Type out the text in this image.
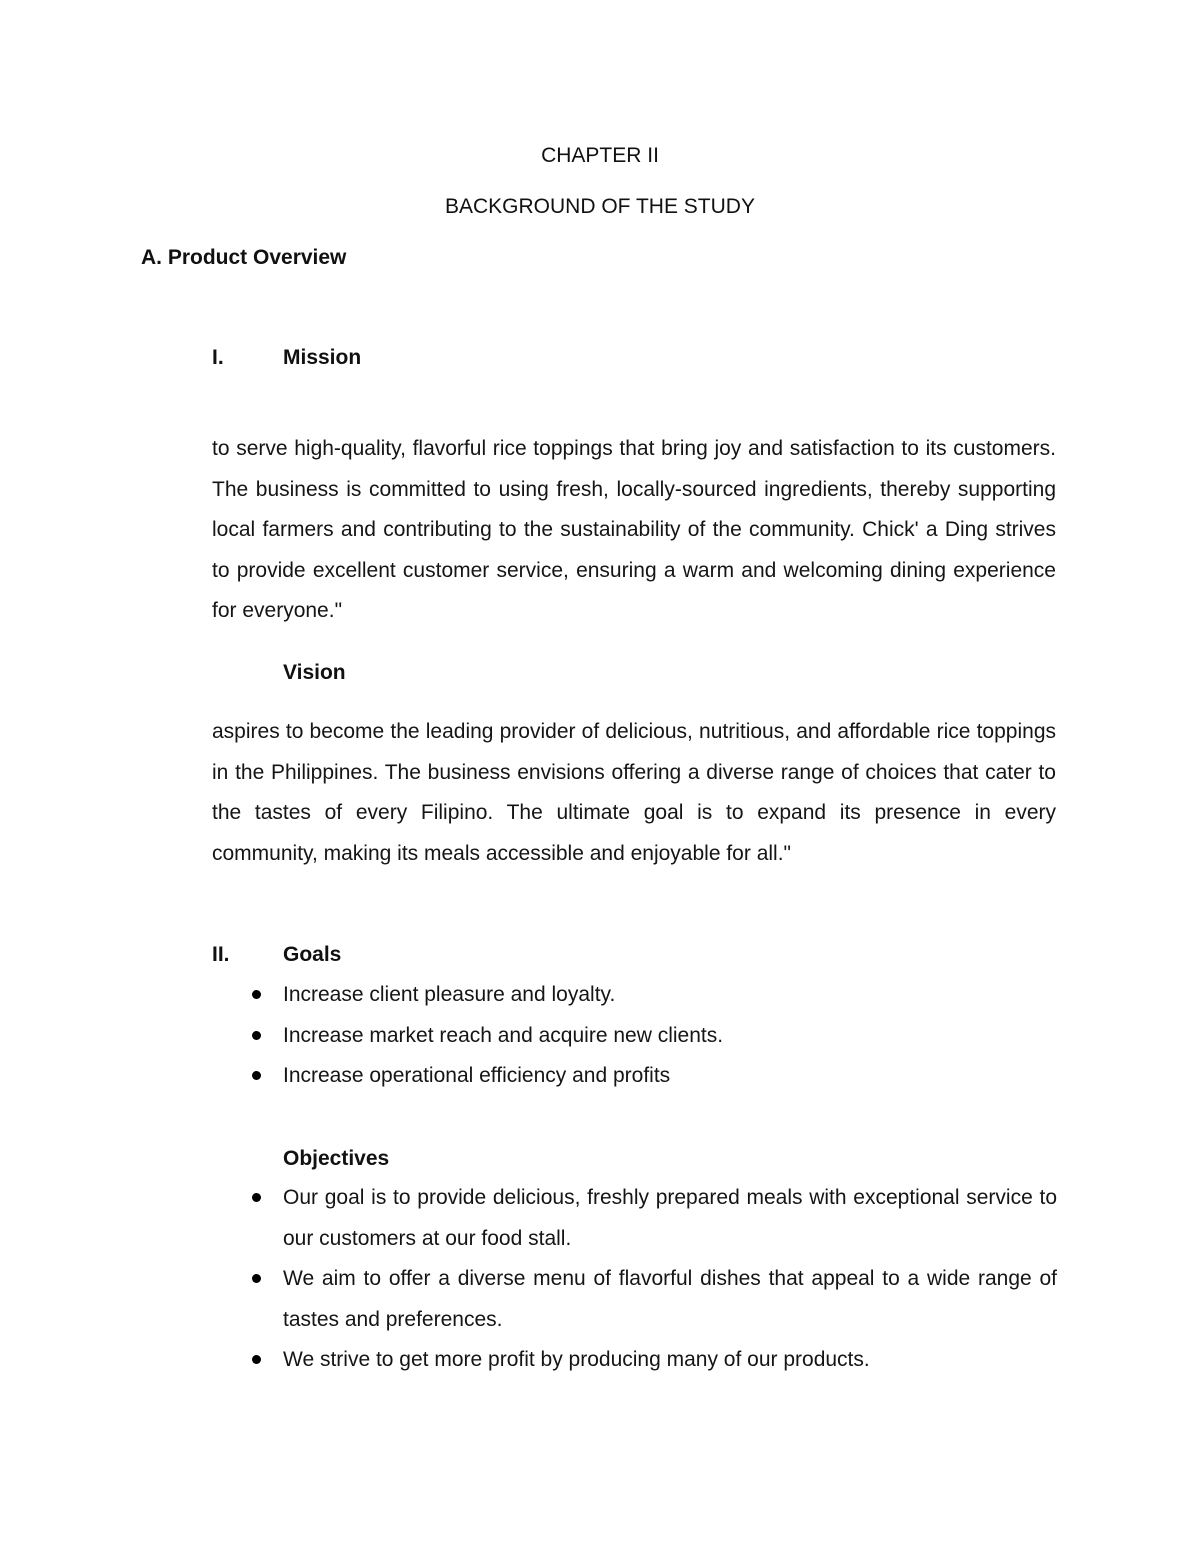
CHAPTER II
BACKGROUND OF THE STUDY
A. Product Overview
I.	Mission
to serve high-quality, flavorful rice toppings that bring joy and satisfaction to its customers. The business is committed to using fresh, locally-sourced ingredients, thereby supporting local farmers and contributing to the sustainability of the community. Chick' a Ding strives to provide excellent customer service, ensuring a warm and welcoming dining experience for everyone."
Vision
aspires to become the leading provider of delicious, nutritious, and affordable rice toppings in the Philippines. The business envisions offering a diverse range of choices that cater to the tastes of every Filipino. The ultimate goal is to expand its presence in every community, making its meals accessible and enjoyable for all."
II.	Goals
Increase client pleasure and loyalty.
Increase market reach and acquire new clients.
Increase operational efficiency and profits
Objectives
Our goal is to provide delicious, freshly prepared meals with exceptional service to our customers at our food stall.
We aim to offer a diverse menu of flavorful dishes that appeal to a wide range of tastes and preferences.
We strive to get more profit by producing many of our products.
